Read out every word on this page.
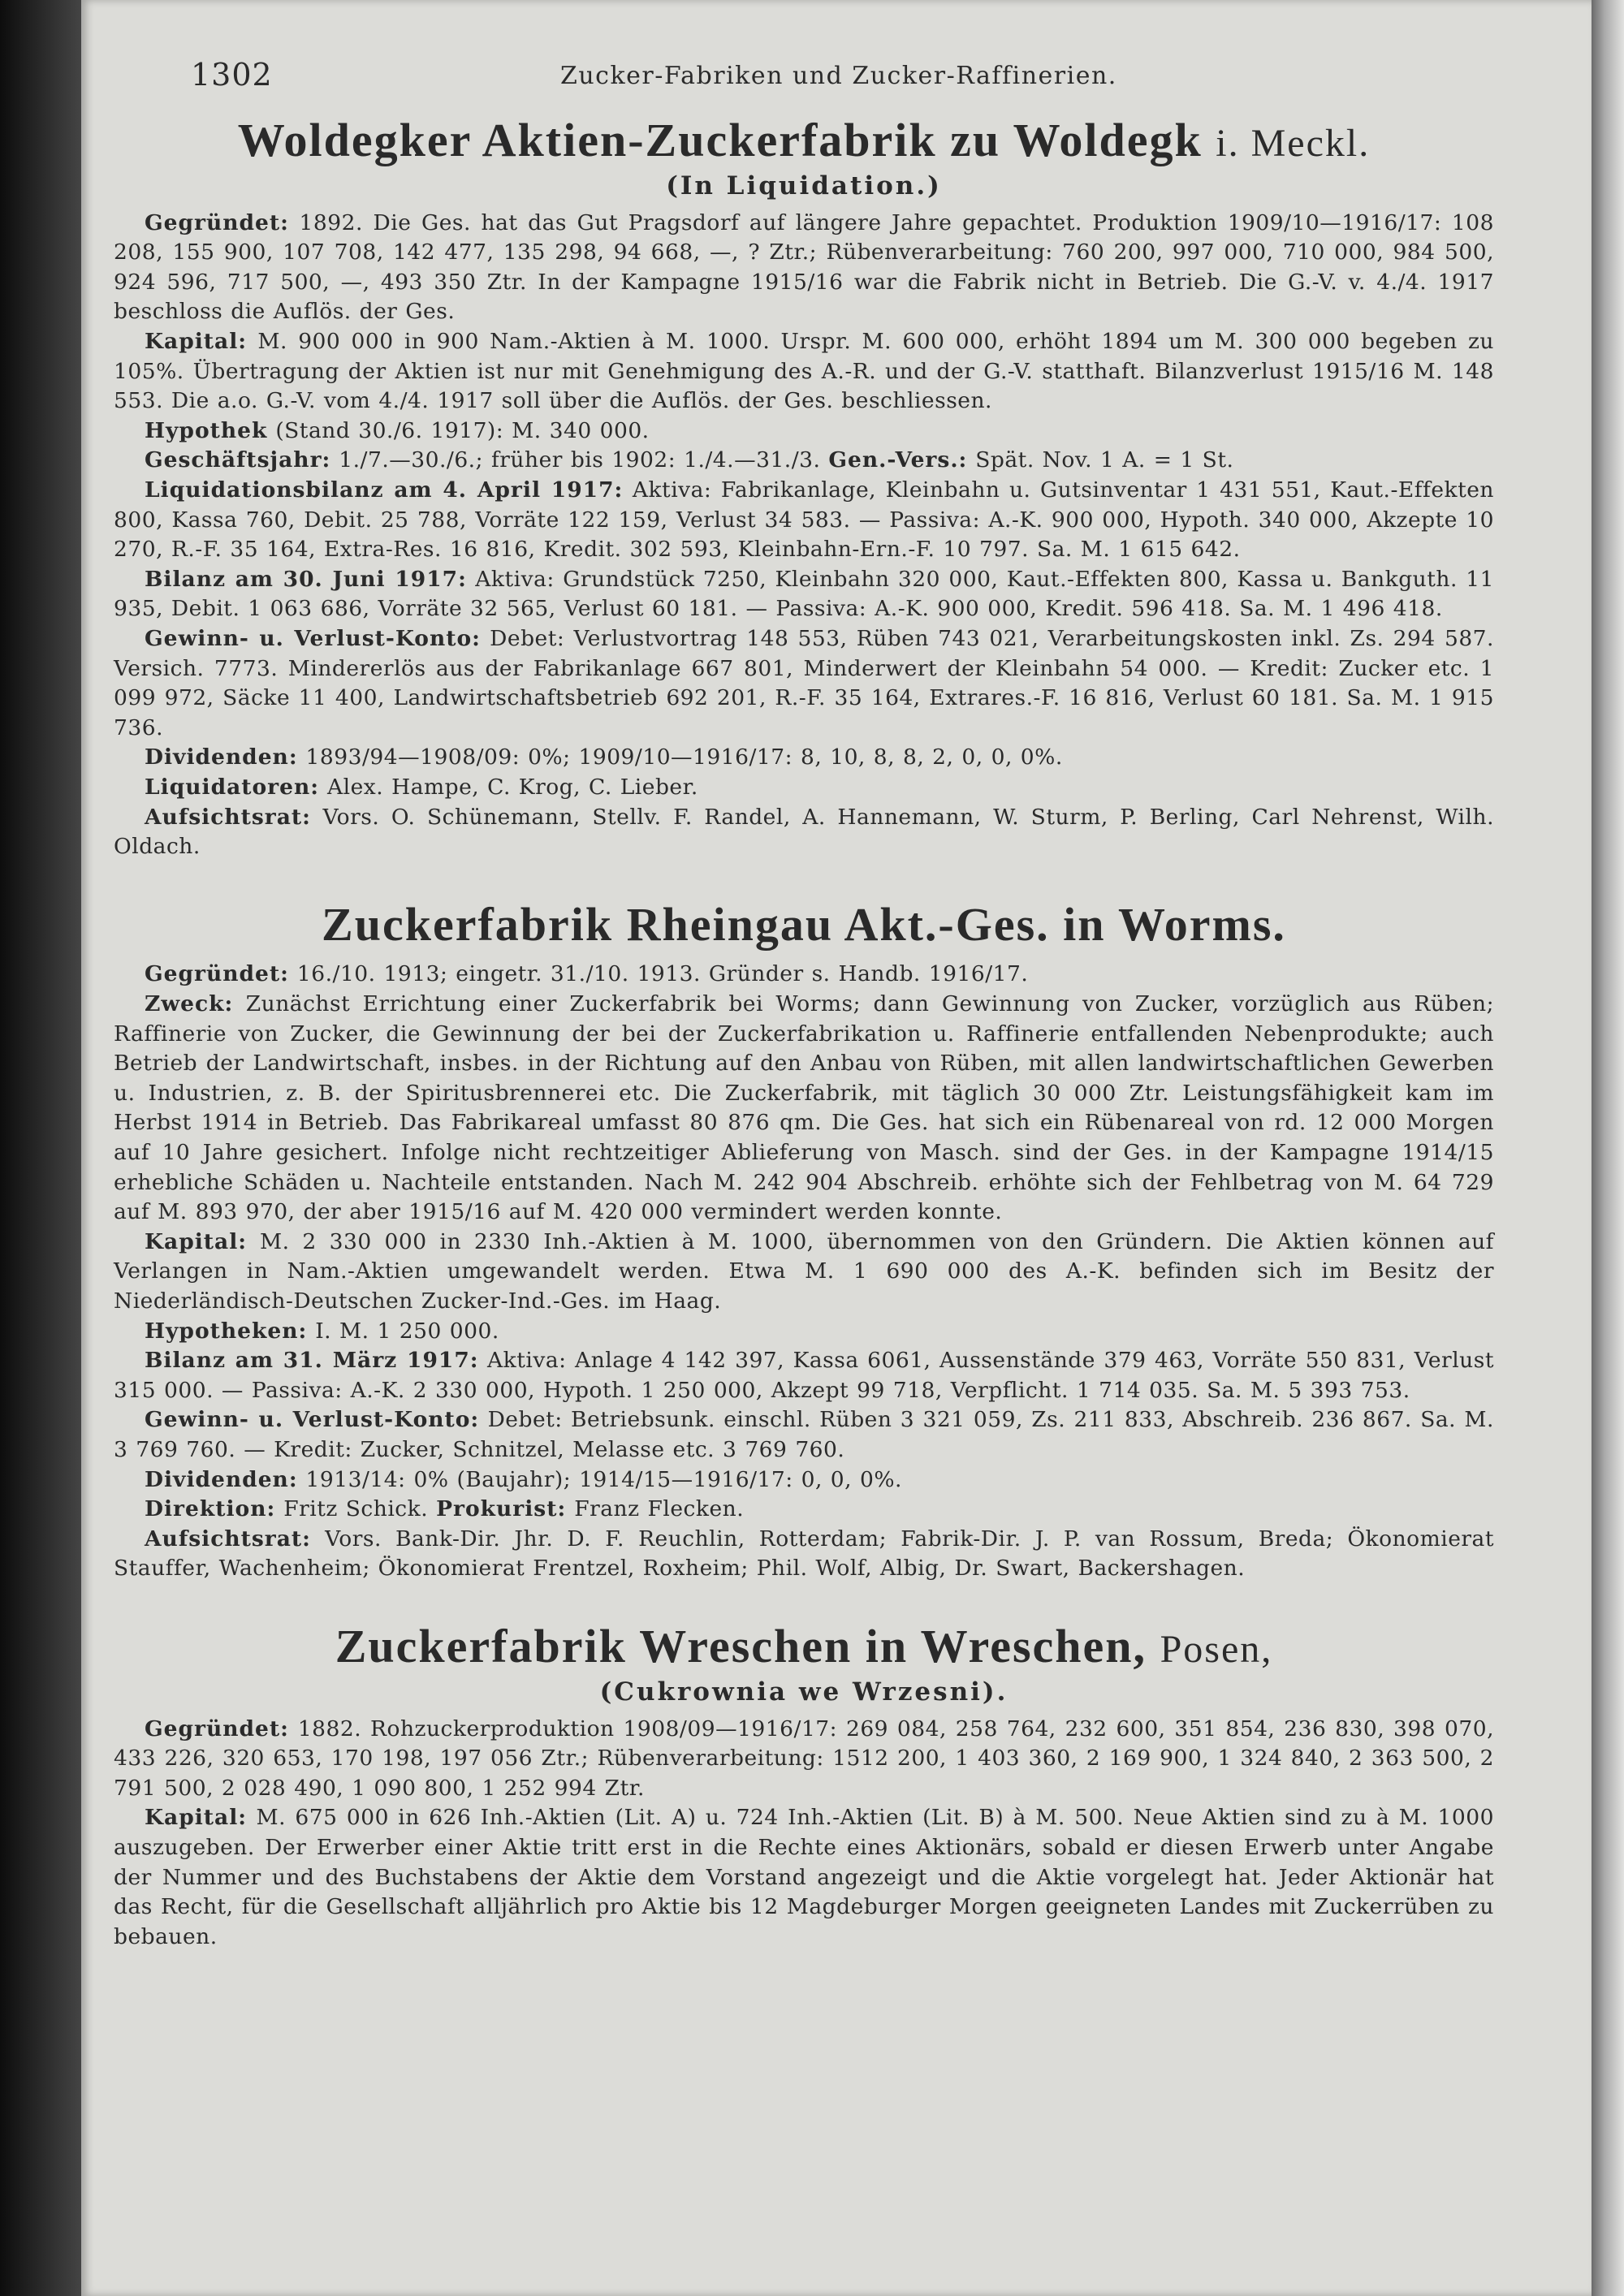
1302	Zucker-Fabriken und Zucker-Raffinerien.
Woldegker Aktien-Zuckerfabrik zu Woldegk i. Meckl.
(In Liquidation.)

Gegründet: 1892. Die Ges. hat das Gut Pragsdorf auf längere Jahre gepachtet. Produktion 1909/10—1916/17: 108 208, 155 900, 107 708, 142 477, 135 298, 94 668, —, ? Ztr.; Rübenverarbeitung: 760 200, 997 000, 710 000, 984 500, 924 596, 717 500, —, 493 350 Ztr. In der Kampagne 1915/16 war die Fabrik nicht in Betrieb. Die G.-V. v. 4./4. 1917 beschloss die Auflös. der Ges.

Kapital: M. 900 000 in 900 Nam.-Aktien à M. 1000. Urspr. M. 600 000, erhöht 1894 um M. 300 000 begeben zu 105%. Übertragung der Aktien ist nur mit Genehmigung des A.-R. und der G.-V. statthaft. Bilanzverlust 1915/16 M. 148 553. Die a.o. G.-V. vom 4./4. 1917 soll über die Auflös. der Ges. beschliessen.

Hypothek (Stand 30./6. 1917): M. 340 000.

Geschäftsjahr: 1./7.—30./6.; früher bis 1902: 1./4.—31./3. Gen.-Vers.: Spät. Nov. 1 A. = 1 St.

Liquidationsbilanz am 4. April 1917: Aktiva: Fabrikanlage, Kleinbahn u. Gutsinventar 1 431 551, Kaut.-Effekten 800, Kassa 760, Debit. 25 788, Vorräte 122 159, Verlust 34 583. — Passiva: A.-K. 900 000, Hypoth. 340 000, Akzepte 10 270, R.-F. 35 164, Extra-Res. 16 816, Kredit. 302 593, Kleinbahn-Ern.-F. 10 797. Sa. M. 1 615 642.

Bilanz am 30. Juni 1917: Aktiva: Grundstück 7250, Kleinbahn 320 000, Kaut.-Effekten 800, Kassa u. Bankguth. 11 935, Debit. 1 063 686, Vorräte 32 565, Verlust 60 181. — Passiva: A.-K. 900 000, Kredit. 596 418. Sa. M. 1 496 418.

Gewinn- u. Verlust-Konto: Debet: Verlustvortrag 148 553, Rüben 743 021, Verarbeitungskosten inkl. Zs. 294 587. Versich. 7773. Mindererlös aus der Fabrikanlage 667 801, Minderwert der Kleinbahn 54 000. — Kredit: Zucker etc. 1 099 972, Säcke 11 400, Landwirtschaftsbetrieb 692 201, R.-F. 35 164, Extrares.-F. 16 816, Verlust 60 181. Sa. M. 1 915 736.

Dividenden: 1893/94—1908/09: 0%; 1909/10—1916/17: 8, 10, 8, 8, 2, 0, 0, 0%.

Liquidatoren: Alex. Hampe, C. Krog, C. Lieber.

Aufsichtsrat: Vors. O. Schünemann, Stellv. F. Randel, A. Hannemann, W. Sturm, P. Berling, Carl Nehrenst, Wilh. Oldach.

Zuckerfabrik Rheingau Akt.-Ges. in Worms.

Gegründet: 16./10. 1913; eingetr. 31./10. 1913. Gründer s. Handb. 1916/17.

Zweck: Zunächst Errichtung einer Zuckerfabrik bei Worms; dann Gewinnung von Zucker, vorzüglich aus Rüben; Raffinerie von Zucker, die Gewinnung der bei der Zuckerfabrikation u. Raffinerie entfallenden Nebenprodukte; auch Betrieb der Landwirtschaft, insbes. in der Richtung auf den Anbau von Rüben, mit allen landwirtschaftlichen Gewerben u. Industrien, z. B. der Spiritusbrennerei etc. Die Zuckerfabrik, mit täglich 30 000 Ztr. Leistungsfähigkeit kam im Herbst 1914 in Betrieb. Das Fabrikareal umfasst 80 876 qm. Die Ges. hat sich ein Rübenareal von rd. 12 000 Morgen auf 10 Jahre gesichert. Infolge nicht rechtzeitiger Ablieferung von Masch. sind der Ges. in der Kampagne 1914/15 erhebliche Schäden u. Nachteile entstanden. Nach M. 242 904 Abschreib. erhöhte sich der Fehlbetrag von M. 64 729 auf M. 893 970, der aber 1915/16 auf M. 420 000 vermindert werden konnte.

Kapital: M. 2 330 000 in 2330 Inh.-Aktien à M. 1000, übernommen von den Gründern. Die Aktien können auf Verlangen in Nam.-Aktien umgewandelt werden. Etwa M. 1 690 000 des A.-K. befinden sich im Besitz der Niederländisch-Deutschen Zucker-Ind.-Ges. im Haag.

Hypotheken: I. M. 1 250 000.

Bilanz am 31. März 1917: Aktiva: Anlage 4 142 397, Kassa 6061, Aussenstände 379 463, Vorräte 550 831, Verlust 315 000. — Passiva: A.-K. 2 330 000, Hypoth. 1 250 000, Akzept 99 718, Verpflicht. 1 714 035. Sa. M. 5 393 753.

Gewinn- u. Verlust-Konto: Debet: Betriebsunk. einschl. Rüben 3 321 059, Zs. 211 833, Abschreib. 236 867. Sa. M. 3 769 760. — Kredit: Zucker, Schnitzel, Melasse etc. 3 769 760.

Dividenden: 1913/14: 0% (Baujahr); 1914/15—1916/17: 0, 0, 0%.

Direktion: Fritz Schick. Prokurist: Franz Flecken.

Aufsichtsrat: Vors. Bank-Dir. Jhr. D. F. Reuchlin, Rotterdam; Fabrik-Dir. J. P. van Rossum, Breda; Ökonomierat Stauffer, Wachenheim; Ökonomierat Frentzel, Roxheim; Phil. Wolf, Albig, Dr. Swart, Backershagen.

Zuckerfabrik Wreschen in Wreschen, Posen,
(Cukrownia we Wrzesni).

Gegründet: 1882. Rohzuckerproduktion 1908/09—1916/17: 269 084, 258 764, 232 600, 351 854, 236 830, 398 070, 433 226, 320 653, 170 198, 197 056 Ztr.; Rübenverarbeitung: 1512 200, 1 403 360, 2 169 900, 1 324 840, 2 363 500, 2 791 500, 2 028 490, 1 090 800, 1 252 994 Ztr.

Kapital: M. 675 000 in 626 Inh.-Aktien (Lit. A) u. 724 Inh.-Aktien (Lit. B) à M. 500. Neue Aktien sind zu à M. 1000 auszugeben. Der Erwerber einer Aktie tritt erst in die Rechte eines Aktionärs, sobald er diesen Erwerb unter Angabe der Nummer und des Buchstabens der Aktie dem Vorstand angezeigt und die Aktie vorgelegt hat. Jeder Aktionär hat das Recht, für die Gesellschaft alljährlich pro Aktie bis 12 Magdeburger Morgen geeigneten Landes mit Zuckerrüben zu bebauen.
